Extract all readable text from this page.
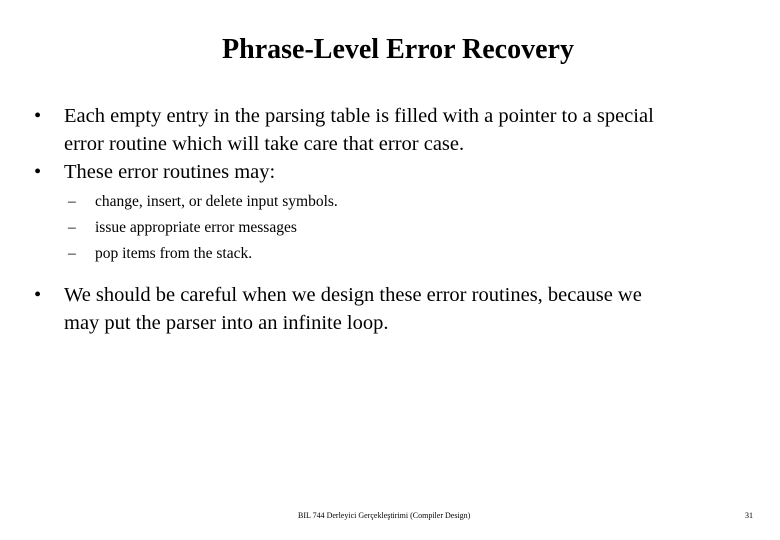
Phrase-Level Error Recovery
•	Each empty entry in the parsing table is filled with a pointer to a special
error routine which will take care that error case.
•	These error routines may:
– change, insert, or delete input symbols.
– issue appropriate error messages
– pop items from the stack.
•	We should be careful when we design these error routines, because we
may put the parser into an infinite loop.
BIL 744 Derleyici Gerçekleştirimi (Compiler Design)	31
